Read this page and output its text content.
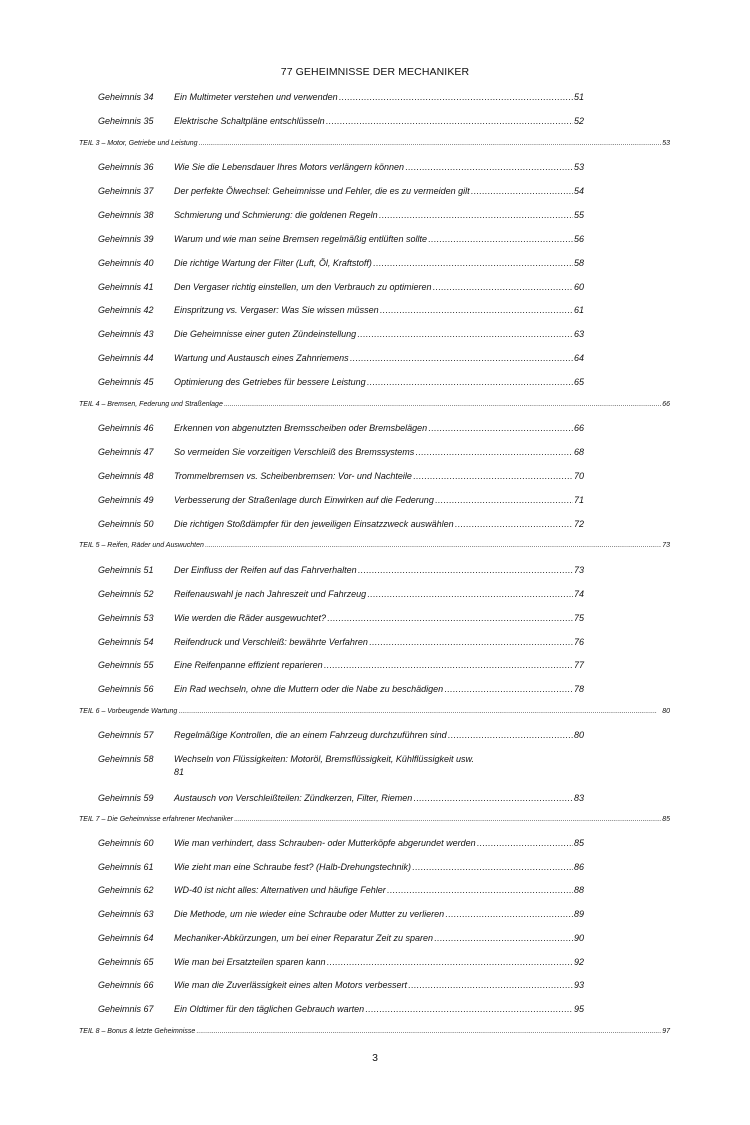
77 GEHEIMNISSE DER MECHANIKER
Geheimnis 34 Ein Multimeter verstehen und verwenden .....	51
Geheimnis 35 Elektrische Schaltpläne entschlüsseln .....	52
TEIL 3 – Motor, Getriebe und Leistung .....	53
Geheimnis 36 Wie Sie die Lebensdauer Ihres Motors verlängern können .....	53
Geheimnis 37 Der perfekte Ölwechsel: Geheimnisse und Fehler, die es zu vermeiden gilt .....	54
Geheimnis 38 Schmierung und Schmierung: die goldenen Regeln .....	55
Geheimnis 39 Warum und wie man seine Bremsen regelmäßig entlüften sollte .....	56
Geheimnis 40 Die richtige Wartung der Filter (Luft, Öl, Kraftstoff) .....	58
Geheimnis 41 Den Vergaser richtig einstellen, um den Verbrauch zu optimieren .....	60
Geheimnis 42 Einspritzung vs. Vergaser: Was Sie wissen müssen .....	61
Geheimnis 43 Die Geheimnisse einer guten Zündeinstellung .....	63
Geheimnis 44 Wartung und Austausch eines Zahnriemens .....	64
Geheimnis 45 Optimierung des Getriebes für bessere Leistung .....	65
TEIL 4 – Bremsen, Federung und Straßenlage .....	66
Geheimnis 46 Erkennen von abgenutzten Bremsscheiben oder Bremsbelägen .....	66
Geheimnis 47 So vermeiden Sie vorzeitigen Verschleiß des Bremssystems .....	68
Geheimnis 48 Trommelbremsen vs. Scheibenbremsen: Vor- und Nachteile .....	70
Geheimnis 49 Verbesserung der Straßenlage durch Einwirken auf die Federung .....	71
Geheimnis 50 Die richtigen Stoßdämpfer für den jeweiligen Einsatzzweck auswählen .....	72
TEIL 5 – Reifen, Räder und Auswuchten .....	73
Geheimnis 51 Der Einfluss der Reifen auf das Fahrverhalten .....	73
Geheimnis 52 Reifenauswahl je nach Jahreszeit und Fahrzeug .....	74
Geheimnis 53 Wie werden die Räder ausgewuchtet? .....	75
Geheimnis 54 Reifendruck und Verschleiß: bewährte Verfahren .....	76
Geheimnis 55 Eine Reifenpanne effizient reparieren .....	77
Geheimnis 56 Ein Rad wechseln, ohne die Muttern oder die Nabe zu beschädigen .....	78
TEIL 6 – Vorbeugende Wartung .....	80
Geheimnis 57 Regelmäßige Kontrollen, die an einem Fahrzeug durchzuführen sind .....	80
Geheimnis 58 Wechseln von Flüssigkeiten: Motoröl, Bremsflüssigkeit, Kühlflüssigkeit usw.
81
Geheimnis 59 Austausch von Verschleißteilen: Zündkerzen, Filter, Riemen .....	83
TEIL 7 – Die Geheimnisse erfahrener Mechaniker .....	85
Geheimnis 60 Wie man verhindert, dass Schrauben- oder Mutterköpfe abgerundet werden .....	85
Geheimnis 61 Wie zieht man eine Schraube fest? (Halb-Drehungstechnik) .....	86
Geheimnis 62 WD-40 ist nicht alles: Alternativen und häufige Fehler .....	88
Geheimnis 63 Die Methode, um nie wieder eine Schraube oder Mutter zu verlieren .....	89
Geheimnis 64 Mechaniker-Abkürzungen, um bei einer Reparatur Zeit zu sparen .....	90
Geheimnis 65 Wie man bei Ersatzteilen sparen kann .....	92
Geheimnis 66 Wie man die Zuverlässigkeit eines alten Motors verbessert .....	93
Geheimnis 67 Ein Oldtimer für den täglichen Gebrauch warten .....	95
TEIL 8 – Bonus & letzte Geheimnisse .....	97
3
